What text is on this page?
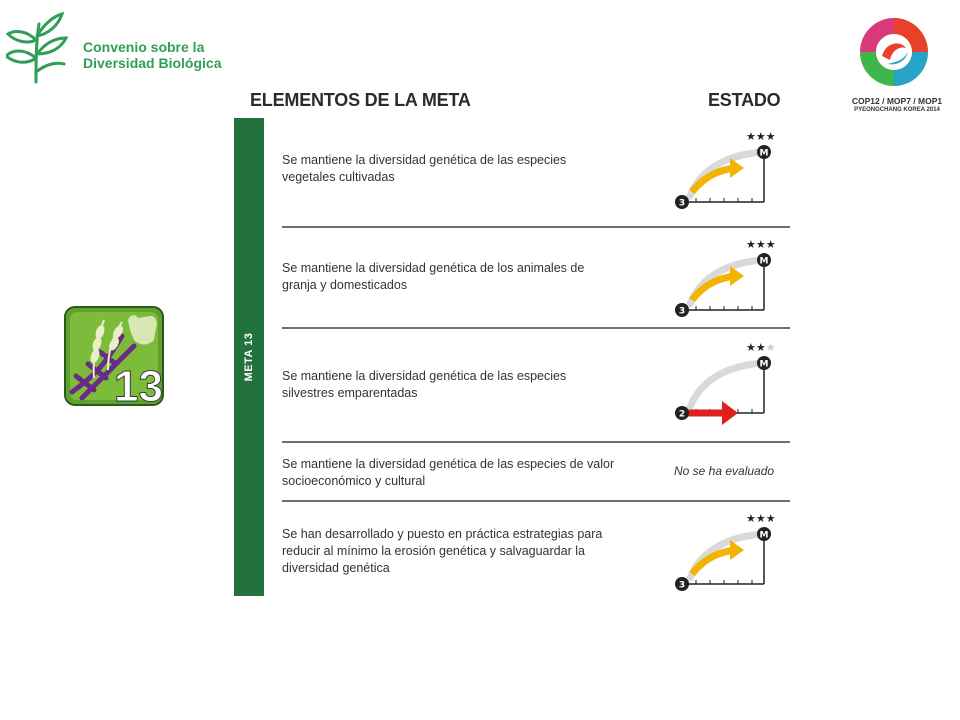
Convenio sobre la
Diversidad Biológica
COP12 / MOP7 / MOP1
PYEONGCHANG KOREA 2014
13
ELEMENTOS DE LA META	ESTADO
META 13
Se mantiene la diversidad genética de las especies
vegetales cultivadas
★★★
M
3
Se mantiene la diversidad genética de los animales de
granja y domesticados
★★★
M
3
Se mantiene la diversidad genética de las especies
silvestres emparentadas
★★★
M
2
Se mantiene la diversidad genética de las especies de valor
socioeconómico y cultural
No se ha evaluado
Se han desarrollado y puesto en práctica estrategias para
reducir al mínimo la erosión genética y salvaguardar la
diversidad genética
★★★
M
3
